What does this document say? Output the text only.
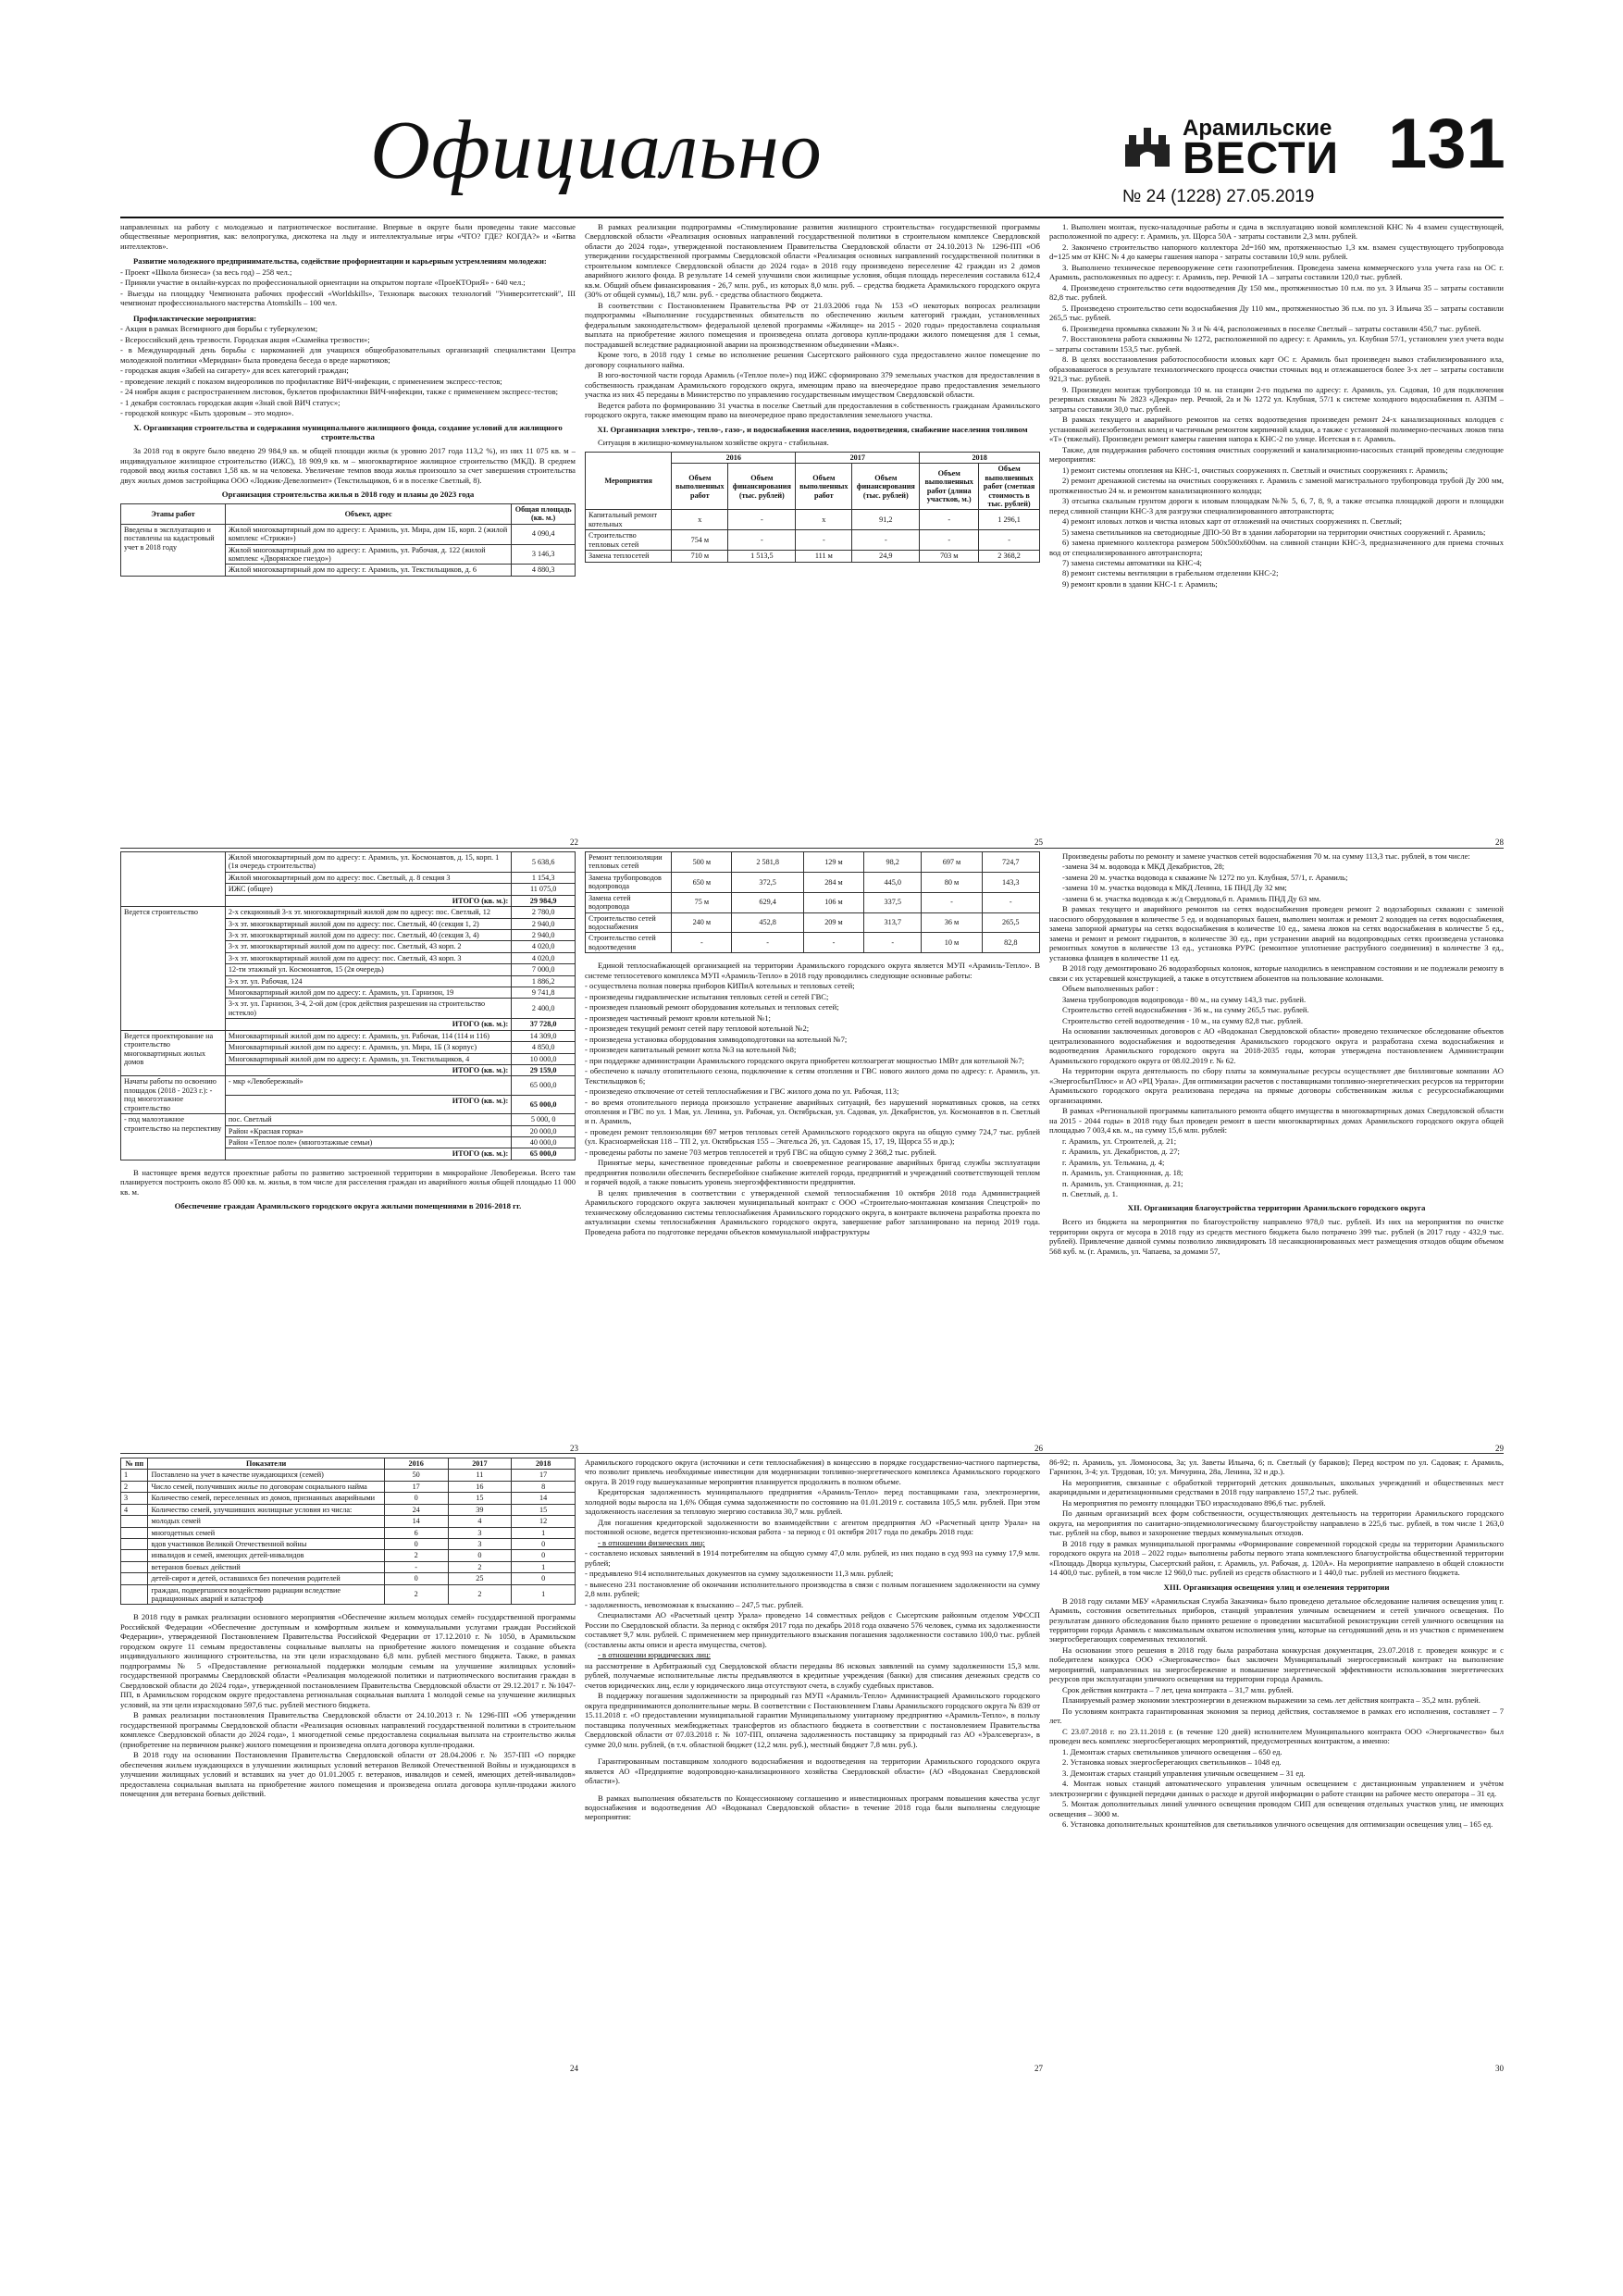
Официально	Арамильские
ВЕСТИ 131
№ 24 (1228) 27.05.2019
22	25	28
23	26	29
24	27	30

направленных на работу с молодежью и патриотическое воспитание. Впервые в округе были проведены такие массовые общественные мероприятия, как: велопрогулка, дискотека на льду и интеллектуальные игры «ЧТО? ГДЕ? КОГДА?» и «Битва интеллектов».

Развитие молодежного предпринимательства, содействие профориентации и карьерным устремлениям молодежи:

- Проект «Школа бизнеса» (за весь год) – 258 чел.;

- Приняли участие в онлайн-курсах по профессиональной ориентации на открытом портале «ПроеКТОриЯ» - 640 чел.;

- Выезды на площадку Чемпионата рабочих профессий «Worldskills», Технопарк высоких технологий "Университетский", III чемпионат профессионального мастерства Atomskills – 100 чел.

Профилактические мероприятия:

- Акция в рамках Всемирного дня борьбы с туберкулезом;

- Всероссийский день трезвости. Городская акция «Скамейка трезвости»;

- в Международный день борьбы с наркоманией для учащихся общеобразовательных организаций специалистами Центра молодежной политики «Меридиан» была проведена беседа о вреде наркотиков;

- городская акция «Забей на сигарету» для всех категорий граждан;

- проведение лекций с показом видеороликов по профилактике ВИЧ-инфекции, с применением экспресс-тестов;

- 24 ноября акция с распространением листовок, буклетов профилактики ВИЧ-инфекции, также с применением экспресс-тестов;

- 1 декабря состоялась городская акция «Знай свой ВИЧ статус»;

- городской конкурс «Быть здоровым – это модно».

X. Организация строительства и содержания муниципального жилищного фонда, создание условий для жилищного строительства

За 2018 год в округе было введено 29 984,9 кв. м общей площади жилья (к уровню 2017 года 113,2 %), из них 11 075 кв. м – индивидуальное жилищное строительство (ИЖС), 18 909,9 кв. м – многоквартирное жилищное строительство (МКД). В среднем годовой ввод жилья составил 1,58 кв. м на человека. Увеличение темпов ввода жилья произошло за счет завершения строительства двух жилых домов застройщика ООО «Лоджик-Девелопмент» (Текстильщиков, 6 и в поселке Светлый, 8).

Организация строительства жилья в 2018 году и планы до 2023 года
Этапы работ	Объект, адрес	Общая площадь (кв. м.)
Введены в эксплуатацию и поставлены на кадастровый учет в 2018 году	Жилой многоквартирный дом по адресу: г. Арамиль, ул. Мира, дом 1Б, корп. 2 (жилой комплекс «Стрижи»)	4 090,4
	Жилой многоквартирный дом по адресу: г. Арамиль, ул. Рабочая, д. 122 (жилой комплекс «Дворянское гнездо»)	3 146,3
	Жилой многоквартирный дом по адресу: г. Арамиль, ул. Текстильщиков, д. 6	4 880,3
	Жилой многоквартирный дом по адресу: г. Арамиль, ул. Космонавтов, д. 15, корп. 1 (1я очередь строительства)	5 638,6
	Жилой многоквартирный дом по адресу: пос. Светлый, д. 8 секция 3	1 154,3
	ИЖС (общее)	11 075,0
	ИТОГО (кв. м.):	29 984,9
Ведется строительство	2-х секционный 3-х эт. многоквартирный жилой дом по адресу: пос. Светлый, 12	2 780,0
	3-х эт. многоквартирный жилой дом по адресу: пос. Светлый, 40 (секция 1, 2)	2 940,0
	3-х эт. многоквартирный жилой дом по адресу: пос. Светлый, 40 (секция 3, 4)	2 940,0
	3-х эт. многоквартирный жилой дом по адресу: пос. Светлый, 43 корп. 2	4 020,0
	3-х эт. многоквартирный жилой дом по адресу: пос. Светлый, 43 корп. 3	4 020,0
	12-ти этажный ул. Космонавтов, 15 (2я очередь)	7 000,0
	3-х эт. ул. Рабочая, 124	1 886,2
	Многоквартирный жилой дом по адресу: г. Арамиль, ул. Гарнизон, 19	9 741,8
	3-х эт. ул. Гарнизон, 3-4, 2-ой дом (срок действия разрешения на строительство истекло)	2 400,0
	ИТОГО (кв. м.):	37 728,0
Ведется проектирование на строительство многоквартирных жилых домов	Многоквартирный жилой дом по адресу: г. Арамиль, ул. Рабочая, 114 (114 и 116)	14 309,0
	Многоквартирный жилой дом по адресу: г. Арамиль, ул. Мира, 1Б (3 корпус)	4 850,0
	Многоквартирный жилой дом по адресу: г. Арамиль, ул. Текстильщиков, 4	10 000,0
	ИТОГО (кв. м.):	29 159,0
Начаты работы по освоению площадок (2018 - 2023 г.): - под многоэтажное строительство	- мкр «Левобережный»	65 000,0
	ИТОГО (кв. м.):	65 000,0
- под малоэтажное строительство на перспективу	пос. Светлый	5 000, 0
	Район «Красная горка»	20 000,0
	Район «Теплое поле» (многоэтажные семьи)	40 000,0
	ИТОГО (кв. м.):	65 000,0

В настоящее время ведутся проектные работы по развитию застроенной территории в микрорайоне Левобережья. Всего там планируется построить около 85 000 кв. м. жилья, в том числе для расселения граждан из аварийного жилья общей площадью 11 000 кв. м.

Обеспечение граждан Арамильского городского округа жилыми помещениями в 2016-2018 гг.
№ пп	Показатели	2016	2017	2018
1	Поставлено на учет в качестве нуждающихся (семей)	50	11	17
2	Число семей, получивших жилье по договорам социального найма	17	16	8
3	Количество семей, переселенных из домов, признанных аварийными	0	15	14
4	Количество семей, улучшивших жилищные условия из числа:	24	39	15
	молодых семей	14	4	12
	многодетных семей	6	3	1
	вдов участников Великой Отечественной войны	0	3	0
	инвалидов и семей, имеющих детей-инвалидов	2	0	0
	ветеранов боевых действий	-	2	1
	детей-сирот и детей, оставшихся без попечения родителей	0	25	0
	граждан, подвергшихся воздействию радиации вследствие радиационных аварий и катастроф	2	2	1

В 2018 году в рамках реализации основного мероприятия «Обеспечение жильем молодых семей» государственной программы Российской Федерации «Обеспечение доступным и комфортным жильем и коммунальными услугами граждан Российской Федерации», утвержденной Постановлением Правительства Российской Федерации от 17.12.2010 г. № 1050, в Арамильском городском округе 11 семьям предоставлены социальные выплаты на приобретение жилого помещения и создание объекта индивидуального жилищного строительства, на эти цели израсходовано 6,8 млн. рублей местного бюджета. Также, в рамках подпрограммы № 5 «Предоставление региональной поддержки молодым семьям на улучшение жилищных условий» государственной программы Свердловской области «Реализация молодежной политики и патриотического воспитания граждан в Свердловской области до 2024 года», утвержденной постановлением Правительства Свердловской области от 29.12.2017 г. №1047-ПП, в Арамильском городском округе предоставлена региональная социальная выплата 1 молодой семье на улучшение жилищных условий, на эти цели израсходовано 597,6 тыс. рублей местного бюджета.

В рамках реализации постановления Правительства Свердловской области от 24.10.2013 г. № 1296-ПП «Об утверждении государственной программы Свердловской области «Реализация основных направлений государственной политики в строительном комплексе Свердловской области до 2024 года», 1 многодетной семье предоставлена социальная выплата на строительство жилья (приобретение на первичном рынке) жилого помещения и произведена оплата договора купли-продажи.

В 2018 году на основании Постановления Правительства Свердловской области от 28.04.2006 г. № 357-ПП «О порядке обеспечения жильем нуждающихся в улучшении жилищных условий ветеранов Великой Отечественной Войны и нуждающихся в улучшении жилищных условий и вставших на учет до 01.01.2005 г. ветеранов, инвалидов и семей, имеющих детей-инвалидов» предоставлена социальная выплата на приобретение жилого помещения и произведена оплата договора купли-продажи жилого помещения для ветерана боевых действий.

В рамках реализации подпрограммы «Стимулирование развития жилищного строительства» государственной программы Свердловской области «Реализация основных направлений государственной политики в строительном комплексе Свердловской области до 2024 года», утвержденной постановлением Правительства Свердловской области от 24.10.2013 № 1296-ПП «Об утверждении государственной программы Свердловской области «Реализация основных направлений государственной политики в строительном комплексе Свердловской области до 2024 года» в 2018 году произведено переселение 42 граждан из 2 домов аварийного жилого фонда. В результате 14 семей улучшили свои жилищные условия, общая площадь переселения составила 612,4 кв.м. Общий объем финансирования - 26,7 млн. руб., из которых 8,0 млн. руб. – средства бюджета Арамильского городского округа (30% от общей суммы), 18,7 млн. руб. - средства областного бюджета.

В соответствии с Постановлением Правительства РФ от 21.03.2006 года № 153 «О некоторых вопросах реализации подпрограммы «Выполнение государственных обязательств по обеспечению жильем категорий граждан, установленных федеральным законодательством» федеральной целевой программы «Жилище» на 2015 - 2020 годы» предоставлена социальная выплата на приобретение жилого помещения и произведена оплата договора купли-продажи жилого помещения для 1 семьи, пострадавшей вследствие радиационной аварии на производственном объединении «Маяк».

Кроме того, в 2018 году 1 семье во исполнение решения Сысертского районного суда предоставлено жилое помещение по договору социального найма.

В юго-восточной части города Арамиль («Теплое поле») под ИЖС сформировано 379 земельных участков для предоставления в собственность гражданам Арамильского городского округа, имеющим право на внеочередное право предоставления земельного участка из них 45 переданы в Министерство по управлению государственным имуществом Свердловской области.

Ведется работа по формированию 31 участка в поселке Светлый для предоставления в собственность гражданам Арамильского городского округа, также имеющим право на внеочередное право предоставления земельного участка.

XI. Организация электро-, тепло-, газо-, и водоснабжения населения, водоотведения, снабжение населения топливом

Ситуация в жилищно-коммунальном хозяйстве округа - стабильная.

Мероприятия	2016		2017		2018	
	Объем выполненных работ	Объем финансирования (тыс. рублей)	Объем выполненных работ	Объем финансирования (тыс. рублей)	Объем выполненных работ (длина участков, м.)	Объем выполненных работ (сметная стоимость в тыс. рублей)
Капитальный ремонт котельных	x	-	x	91,2	-	1 296,1
Строительство тепловых сетей	754 м	-	-	-	-	-
Замена теплосетей	710 м	1 513,5	111 м	24,9	703 м	2 368,2
Ремонт теплоизоляции тепловых сетей	500 м	2 581,8	129 м	98,2	697 м	724,7
Замена трубопроводов водопровода	650 м	372,5	284 м	445,0	80 м	143,3
Замена сетей водопровода	75 м	629,4	106 м	337,5	-	-
Строительство сетей водоснабжения	240 м	452,8	209 м	313,7	36 м	265,5
Строительство сетей водоотведения	-	-	-	-	10 м	82,8

Единой теплоснабжающей организацией на территории Арамильского городского округа является МУП «Арамиль-Тепло». В системе теплосетевого комплекса МУП «Арамиль-Тепло» в 2018 году проводились следующие основные работы:

- осуществлена полная поверка приборов КИПиА котельных и тепловых сетей;

- произведены гидравлические испытания тепловых сетей и сетей ГВС;

- произведен плановый ремонт оборудования котельных и тепловых сетей;

- произведен частичный ремонт кровли котельной №1;

- произведен текущий ремонт сетей пару тепловой котельной №2;

- произведена установка оборудования химводоподготовки на котельной №7;

- произведен капитальный ремонт котла №3 на котельной №8;

- при поддержке администрации Арамильского городского округа приобретен котлоагрегат мощностью 1МВт для котельной №7;

- обеспечено к началу отопительного сезона, подключение к сетям отопления и ГВС нового жилого дома по адресу: г. Арамиль, ул. Текстильщиков 6;

- произведено отключение от сетей теплоснабжения и ГВС жилого дома по ул. Рабочая, 113;

- во время отопительного периода произошло устранение аварийных ситуаций, без нарушений нормативных сроков, на сетях отопления и ГВС по ул. 1 Мая, ул. Ленина, ул. Рабочая, ул. Октябрьская, ул. Садовая, ул. Декабристов, ул. Космонавтов в п. Светлый и п. Арамиль,

- проведен ремонт теплоизоляции 697 метров тепловых сетей Арамильского городского округа на общую сумму 724,7 тыс. рублей (ул. Красноармейская 118 – ТП 2, ул. Октябрьская 155 – Энгельса 26, ул. Садовая 15, 17, 19, Щорса 55 и др.);

- проведены работы по замене 703 метров теплосетей и труб ГВС на общую сумму 2 368,2 тыс. рублей.

Принятые меры, качественное проведенные работы и своевременное реагирование аварийных бригад службы эксплуатации предприятия позволили обеспечить бесперебойное снабжение жителей города, предприятий и учреждений соответствующей теплом и горячей водой, а также повысить уровень энергоэффективности предприятия.

В целях привлечения в соответствии с утвержденной схемой теплоснабжения 10 октября 2018 года Администрацией Арамильского городского округа заключен муниципальный контракт с ООО «Строительно-монтажная компания Спецстрой» по техническому обследованию системы теплоснабжения Арамильского городского округа, в контракте включена разработка проекта по актуализации схемы теплоснабжения Арамильского городского округа, завершение работ запланировано на период 2019 года. Проведена работа по подготовке передачи объектов коммунальной инфраструктуры

Арамильского городского округа (источники и сети теплоснабжения) в концессию в порядке государственно-частного партнерства, что позволит привлечь необходимые инвестиции для модернизации топливно-энергетического комплекса Арамильского городского округа. В 2019 году вышеуказанные мероприятия планируется продолжить в полном объеме.

Кредиторская задолженность муниципального предприятия «Арамиль-Тепло» перед поставщиками газа, электроэнергии, холодной воды выросла на 1,6% Общая сумма задолженности по состоянию на 01.01.2019 г. составила 105,5 млн. рублей. При этом задолженность населения за тепловую энергию составила 30,7 млн. рублей.

Для погашения кредиторской задолженности во взаимодействии с агентом предприятия АО «Расчетный центр Урала» на постоянной основе, ведется претензионно-исковая работа - за период с 01 октября 2017 года по декабрь 2018 года:

- в отношении физических лиц:

- составлено исковых заявлений в 1914 потребителям на общую сумму 47,0 млн. рублей, из них подано в суд 993 на сумму 17,9 млн. рублей;

- предъявлено 914 исполнительных документов на сумму задолженности 11,3 млн. рублей;

- вынесено 231 постановление об окончании исполнительного производства в связи с полным погашением задолженности на сумму 2,8 млн. рублей;

- задолженность, невозможная к взысканию – 247,5 тыс. рублей.

Специалистами АО «Расчетный центр Урала» проведено 14 совместных рейдов с Сысертским районным отделом УФССП России по Свердловской области. За период с октября 2017 года по декабрь 2018 года охвачено 576 человек, сумма их задолженности составляет 9,7 млн. рублей. С применением мер принудительного взыскания погашения задолженности составило 100,0 тыс. рублей (составлены акты описи и ареста имущества, счетов).

- в отношении юридических лиц:

на рассмотрение в Арбитражный суд Свердловской области переданы 86 исковых заявлений на сумму задолженности 15,3 млн. рублей, получаемые исполнительные листы предъявляются в кредитные учреждения (банки) для списания денежных средств со счетов юридических лиц, если у юридического лица отсутствуют счета, в службу судебных приставов.

В поддержку погашения задолженности за природный газ МУП «Арамиль-Тепло» Администрацией Арамильского городского округа предпринимаются дополнительные меры. В соответствии с Постановлением Главы Арамильского городского округа № 839 от 15.11.2018 г. «О предоставлении муниципальной гарантии Муниципальному унитарному предприятию «Арамиль-Тепло», в пользу поставщика полученных межбюджетных трансфертов из областного бюджета в соответствии с постановлением Правительства Свердловской области от 07.03.2018 г. № 107-ПП, оплачена задолженность поставщику за природный газ АО «Уралсевергаз», в сумме 20,0 млн. рублей, (в т.ч. областной бюджет (12,2 млн. руб.), местный бюджет 7,8 млн. руб.).

Гарантированным поставщиком холодного водоснабжения и водоотведения на территории Арамильского городского округа является АО «Предприятие водопроводно-канализационного хозяйства Свердловской области» (АО «Водоканал Свердловской области»).

В рамках выполнения обязательств по Концессионному соглашению и инвестиционных программ повышения качества услуг водоснабжения и водоотведения АО «Водоканал Свердловской области» в течение 2018 года были выполнены следующие мероприятия:

1. Выполнен монтаж, пуско-наладочные работы и сдача в эксплуатацию новой комплексной КНС № 4 взамен существующей, расположенной по адресу: г. Арамиль, ул. Щорса 50А - затраты составили 2,3 млн. рублей.

2. Закончено строительство напорного коллектора 2d=160 мм, протяженностью 1,3 км. взамен существующего трубопровода d=125 мм от КНС № 4 до камеры гашения напора - затраты составили 10,9 млн. рублей.

3. Выполнено техническое перевооружение сети газопотребления. Проведена замена коммерческого узла учета газа на ОС г. Арамиль, расположенных по адресу: г. Арамиль, пер. Речной 1А – затраты составили 120,0 тыс. рублей.

4. Произведено строительство сети водоотведения Ду 150 мм., протяженностью 10 п.м. по ул. 3 Ильича 35 – затраты составили 82,8 тыс. рублей.

5. Произведено строительство сети водоснабжения Ду 110 мм., протяженностью 36 п.м. по ул. 3 Ильича 35 – затраты составили 265,5 тыс. рублей.

6. Произведена промывка скважин № 3 и № 4/4, расположенных в поселке Светлый – затраты составили 450,7 тыс. рублей.

7. Восстановлена работа скважины № 1272, расположенной по адресу: г. Арамиль, ул. Клубная 57/1, установлен узел учета воды – затраты составили 153,5 тыс. рублей.

8. В целях восстановления работоспособности иловых карт ОС г. Арамиль был произведен вывоз стабилизированного ила, образовавшегося в результате технологического процесса очистки сточных вод и отлежавшегося более 3-х лет – затраты составили 921,3 тыс. рублей.

9. Произведен монтаж трубопровода 10 м. на станции 2-го подъема по адресу: г. Арамиль, ул. Садовая, 10 для подключения резервных скважин № 2823 «Декра» пер. Речной, 2а и № 1272 ул. Клубная, 57/1 к системе холодного водоснабжения п. АЗПМ – затраты составили 30,0 тыс. рублей.

В рамках текущего и аварийного ремонтов на сетях водоотведения произведен ремонт 24-х канализационных колодцев с установкой железобетонных колец и частичным ремонтом кирпичной кладки, а также с установкой полимерно-песчаных люков типа «Т» (тяжелый). Произведен ремонт камеры гашения напора к КНС-2 по улице. Исетская в г. Арамиль.

Также, для поддержания рабочего состояния очистных сооружений и канализационно-насосных станций проведены следующие мероприятия:

1) ремонт системы отопления на КНС-1, очистных сооружениях п. Светлый и очистных сооружениях г. Арамиль;

2) ремонт дренажной системы на очистных сооружениях г. Арамиль с заменой магистрального трубопровода трубой Ду 200 мм, протяженностью 24 м. и ремонтом канализационного колодца;

3) отсыпка скальным грунтом дороги к иловым площадкам №№ 5, 6, 7, 8, 9, а также отсыпка площадкой дороги и площадки перед сливной станции КНС-3 для разгрузки специализированного автотранспорта;

4) ремонт иловых лотков и чистка иловых карт от отложений на очистных сооружениях п. Светлый;

5) замена светильников на светодиодные ДПО-50 Вт в здании лаборатории на территории очистных сооружений г. Арамиль;

6) замена приемного коллектора размером 500х500х600мм. на сливной станции КНС-3, предназначенного для приема сточных вод от специализированного автотранспорта;

7) замена системы автоматики на КНС-4;

8) ремонт системы вентиляции в грабельном отделении КНС-2;

9) ремонт кровли в здании КНС-1 г. Арамиль;

Произведены работы по ремонту и замене участков сетей водоснабжения 70 м. на сумму 113,3 тыс. рублей, в том числе:

-замена 34 м. водовода к МКД Декабристов, 28;

-замена 20 м. участка водовода к скважине № 1272 по ул. Клубная, 57/1, г. Арамиль;

-замена 10 м. участка водовода к МКД Ленина, 1Б ПНД Ду 32 мм;

-замена 6 м. участка водовода к ж/д Свердлова,6 п. Арамиль ПНД Ду 63 мм.

В рамках текущего и аварийного ремонтов на сетях водоснабжения проведен ремонт 2 водозаборных скважин с заменой насосного оборудования в количестве 5 ед. и водонапорных башен, выполнен монтаж и ремонт 2 колодцев на сетях водоснабжения, замена запорной арматуры на сетях водоснабжения в количестве 10 ед., замена люков на сетях водоснабжения в количестве 5 ед., замена и ремонт и ремонт гидрантов, в количестве 30 ед., при устранении аварий на водопроводных сетях произведена установка ремонтных хомутов в количестве 13 ед., установка РУРС (ремонтное уплотнение раструбного соединения) в количестве 3 ед., установка фланцев в количестве 11 ед.

В 2018 году демонтировано 26 водоразборных колонок, которые находились в неисправном состоянии и не подлежали ремонту в связи с их устаревшей конструкцией, а также в отсутствием абонентов на пользование колонками.

Объем выполненных работ :

Замена трубопроводов водопровода - 80 м., на сумму 143,3 тыс. рублей.

Строительство сетей водоснабжения - 36 м., на сумму 265,5 тыс. рублей.

Строительство сетей водоотведения - 10 м., на сумму 82,8 тыс. рублей.

На основании заключенных договоров с АО «Водоканал Свердловской области» проведено техническое обследование объектов централизованного водоснабжения и водоотведения Арамильского городского округа и разработана схема водоснабжения и водоотведения Арамильского городского округа на 2018-2035 годы, которая утверждена постановлением Администрации Арамильского городского округа от 08.02.2019 г. № 62.

На территории округа деятельность по сбору платы за коммунальные ресурсы осуществляет две биллинговые компании АО «ЭнергосбытПлюс» и АО «РЦ Урала». Для оптимизации расчетов с поставщиками топливно-энергетических ресурсов на территории Арамильского городского округа реализована передача на прямые договоры собственникам жилья с ресурсоснабжающими организациями.

В рамках «Региональной программы капитального ремонта общего имущества в многоквартирных домах Свердловской области на 2015 - 2044 годы» в 2018 году был проведен ремонт в шести многоквартирных домах Арамильского городского округа общей площадью 7 003,4 кв. м., на сумму 15,6 млн. рублей:

г. Арамиль, ул. Строителей, д. 21;

г. Арамиль, ул. Декабристов, д. 27;

г. Арамиль, ул. Тельмана, д. 4;

п. Арамиль, ул. Станционная, д. 18;

п. Арамиль, ул. Станционная, д. 21;

п. Светлый, д. 1.

XII. Организация благоустройства территории Арамильского городского округа

Всего из бюджета на мероприятия по благоустройству направлено 978,0 тыс. рублей. Из них на мероприятия по очистке территории округа от мусора в 2018 году из средств местного бюджета было потрачено 399 тыс. рублей (в 2017 году - 432,9 тыс. рублей). Привлечение данной суммы позволило ликвидировать 18 несанкционированных мест размещения отходов общим объемом 568 куб. м. (г. Арамиль, ул. Чапаева, за домами 57,

86-92; п. Арамиль, ул. Ломоносова, 3а; ул. Заветы Ильича, 6; п. Светлый (у бараков); Перед костром по ул. Садовая; г. Арамиль, Гарнизон, 3-4; ул. Трудовая, 10; ул. Мичурина, 28а, Ленина, 32 и др.).

На мероприятия, связанные с обработкой территорий детских дошкольных, школьных учреждений и общественных мест акарицидными и дератизационными средствами в 2018 году направлено 157,2 тыс. рублей.

На мероприятия по ремонту площадки ТБО израсходовано 896,6 тыс. рублей.

По данным организаций всех форм собственности, осуществляющих деятельность на территории Арамильского городского округа, на мероприятия по санитарно-эпидемиологическому благоустройству направлено в 225,6 тыс. рублей, в том числе 1 263,0 тыс. рублей на сбор, вывоз и захоронение твердых коммунальных отходов.

В 2018 году в рамках муниципальной программы «Формирование современной городской среды на территории Арамильского городского округа на 2018 – 2022 годы» выполнены работы первого этапа комплексного благоустройства общественной территории «Площадь Дворца культуры, Сысертский район, г. Арамиль, ул. Рабочая, д. 120А». На мероприятие направлено в общей сложности 14 400,0 тыс. рублей, в том числе 12 960,0 тыс. рублей из средств областного и 1 440,0 тыс. рублей из местного бюджета.

XIII. Организация освещения улиц и озеленения территории

В 2018 году силами МБУ «Арамильская Служба Заказчика» было проведено детальное обследование наличия освещения улиц г. Арамиль, состояния осветительных приборов, станций управления уличным освещением и сетей уличного освещения. По результатам данного обследования было принято решение о проведении масштабной реконструкции сетей уличного освещения на территории города Арамиль с максимальным охватом исполнения улиц, которые на сегодняшний день и из участков с применением энергосберегающих современных технологий.

На основании этого решения в 2018 году была разработана конкурсная документация, 23.07.2018 г. проведен конкурс и с победителем конкурса ООО «Энергокачество» был заключен Муниципальный энергосервисный контракт на выполнение мероприятий, направленных на энергосбережение и повышение энергетической эффективности использования энергетических ресурсов при эксплуатации уличного освещения на территории города Арамиль.

Срок действия контракта – 7 лет, цена контракта – 31,7 млн. рублей.

Планируемый размер экономии электроэнергии в денежном выражении за семь лет действия контракта – 35,2 млн. рублей.

По условиям контракта гарантированная экономия за период действия, составляемое в рамках его исполнения, составляет – 7 лет.

С 23.07.2018 г. по 23.11.2018 г. (в течение 120 дней) исполнителем Муниципального контракта ООО «Энергокачество» был проведен весь комплекс энергосберегающих мероприятий, предусмотренных контрактом, а именно:

1. Демонтаж старых светильников уличного освещения – 650 ед.

2. Установка новых энергосберегающих светильников – 1048 ед.

3. Демонтаж старых станций управления уличным освещением – 31 ед.

4. Монтаж новых станций автоматического управления уличным освещением с дистанционным управлением и учётом электроэнергии с функцией передачи данных о расходе и другой информации о работе станции на рабочее место оператора – 31 ед.

5. Монтаж дополнительных линий уличного освещения проводом СИП для освещения отдельных участков улиц, не имеющих освещения – 3000 м.

6. Установка дополнительных кронштейнов для светильников уличного освещения для оптимизации освещения улиц – 165 ед.
